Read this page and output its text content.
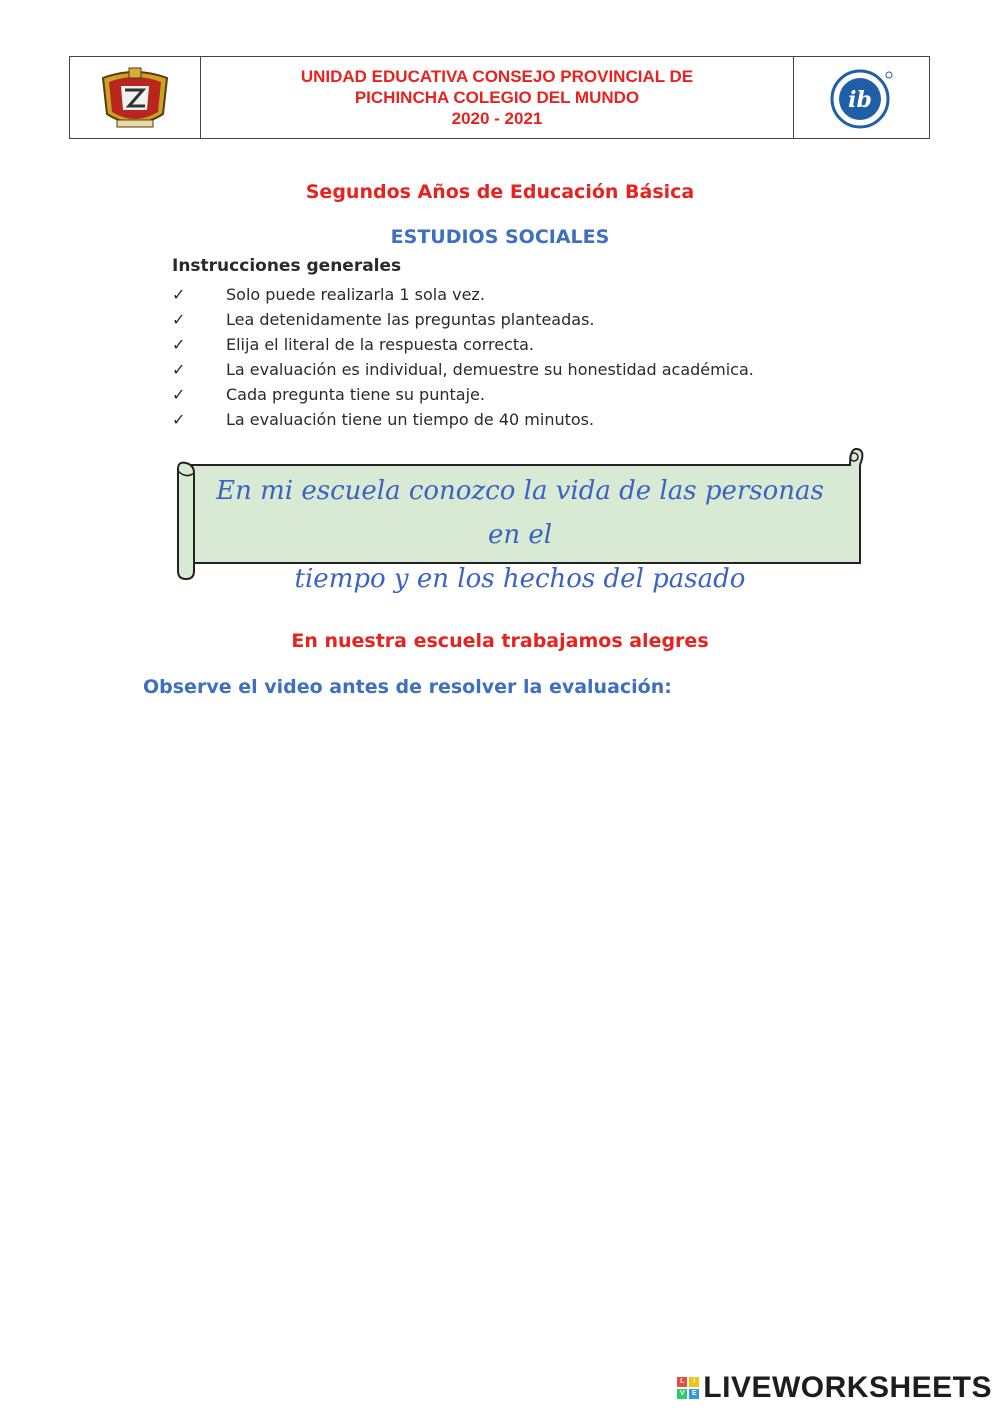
UNIDAD EDUCATIVA CONSEJO PROVINCIAL DE
PICHINCHA COLEGIO DEL MUNDO
2020 - 2021
ib
Segundos Años de Educación Básica
ESTUDIOS SOCIALES
Instrucciones generales
✓	Solo puede realizarla 1 sola vez.
✓	Lea detenidamente las preguntas planteadas.
✓	Elija el literal de la respuesta correcta.
✓	La evaluación es individual, demuestre su honestidad académica.
✓	Cada pregunta tiene su puntaje.
✓	La evaluación tiene un tiempo de 40 minutos.
En mi escuela conozco la vida de las personas en el
tiempo y en los hechos del pasado
En nuestra escuela trabajamos alegres
Observe el video antes de resolver la evaluación:
L	I
V	E LIVEWORKSHEETS
